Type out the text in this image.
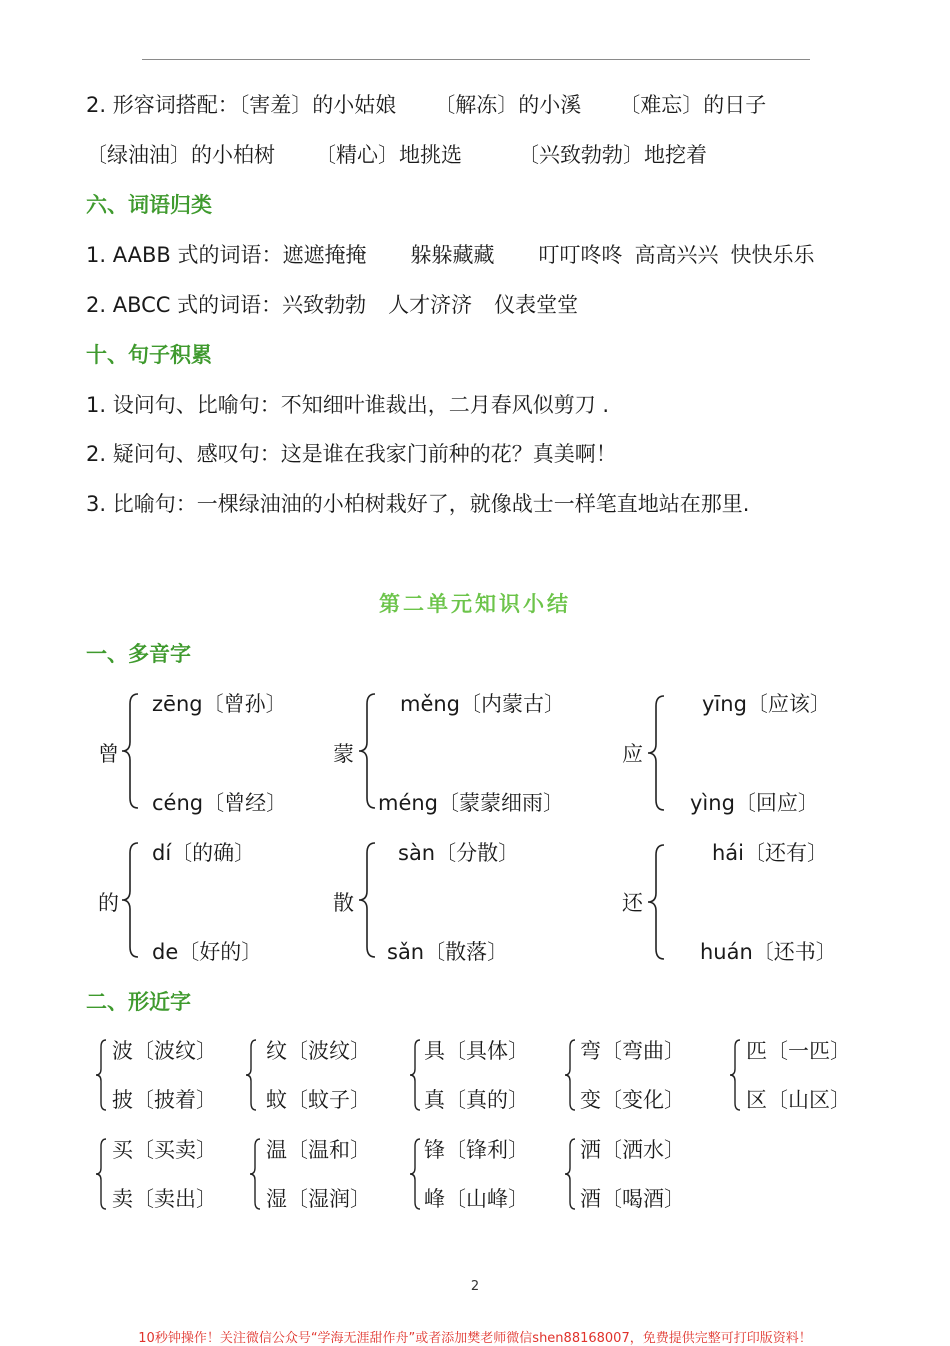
2. 形容词搭配：〔害羞〕的小姑娘 〔解冻〕的小溪 〔难忘〕的日子
〔绿油油〕的小柏树 〔精心〕地挑选	〔兴致勃勃〕地挖着
六、词语归类
1. AABB 式的词语：遮遮掩掩 躲躲藏藏 叮叮咚咚 高高兴兴 快快乐乐
2. ABCC 式的词语：兴致勃勃 人才济济 仪表堂堂
十、句子积累
1. 设问句、比喻句：不知细叶谁裁出，二月春风似剪刀 .
2. 疑问句、感叹句：这是谁在我家门前种的花？真美啊！
3. 比喻句：一棵绿油油的小柏树栽好了，就像战士一样笔直地站在那里.
第二单元知识小结
一、多音字
曾
zēng〔曾孙〕
céng〔曾经〕
蒙
měng〔内蒙古〕
méng〔蒙蒙细雨〕
应
yīng〔应该〕
yìng〔回应〕
的
dí〔的确〕
de〔好的〕
散
sàn〔分散〕
sǎn〔散落〕
还
hái〔还有〕
huán〔还书〕
二、形近字
波〔波纹〕
披〔披着〕
纹〔波纹〕
蚊〔蚊子〕
具〔具体〕
真〔真的〕
弯〔弯曲〕
变〔变化〕
匹〔一匹〕
区〔山区〕
买〔买卖〕
卖〔卖出〕
温〔温和〕
湿〔湿润〕
锋〔锋利〕
峰〔山峰〕
洒〔洒水〕
酒〔喝酒〕
2
10秒钟操作！关注微信公众号“学海无涯甜作舟”或者添加樊老师微信shen88168007，免费提供完整可打印版资料！
